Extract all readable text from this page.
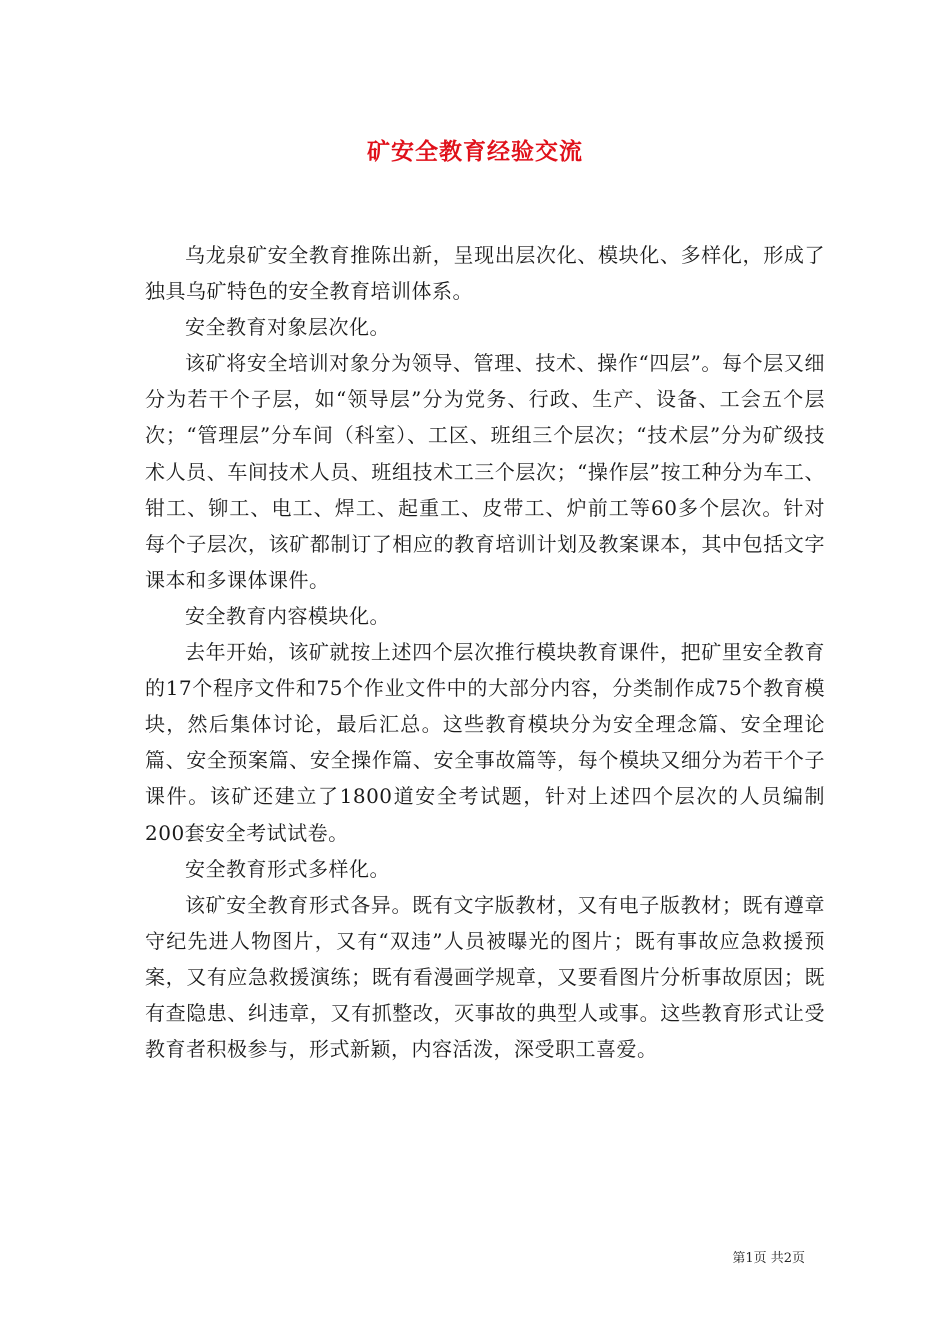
矿安全教育经验交流

乌龙泉矿安全教育推陈出新，呈现出层次化、模块化、多样化，形成了独具乌矿特色的安全教育培训体系。

安全教育对象层次化。

该矿将安全培训对象分为领导、管理、技术、操作“四层”。每个层又细分为若干个子层，如“领导层”分为党务、行政、生产、设备、工会五个层次；“管理层”分车间（科室）、工区、班组三个层次；“技术层”分为矿级技术人员、车间技术人员、班组技术工三个层次；“操作层”按工种分为车工、钳工、铆工、电工、焊工、起重工、皮带工、炉前工等60多个层次。针对每个子层次，该矿都制订了相应的教育培训计划及教案课本，其中包括文字课本和多课体课件。

安全教育内容模块化。

去年开始，该矿就按上述四个层次推行模块教育课件，把矿里安全教育的17个程序文件和75个作业文件中的大部分内容，分类制作成75个教育模块，然后集体讨论，最后汇总。这些教育模块分为安全理念篇、安全理论篇、安全预案篇、安全操作篇、安全事故篇等，每个模块又细分为若干个子课件。该矿还建立了1800道安全考试题，针对上述四个层次的人员编制200套安全考试试卷。

安全教育形式多样化。

该矿安全教育形式各异。既有文字版教材，又有电子版教材；既有遵章守纪先进人物图片，又有“双违”人员被曝光的图片；既有事故应急救援预案，又有应急救援演练；既有看漫画学规章，又要看图片分析事故原因；既有查隐患、纠违章，又有抓整改，灭事故的典型人或事。这些教育形式让受教育者积极参与，形式新颖，内容活泼，深受职工喜爱。

第1页 共2页
